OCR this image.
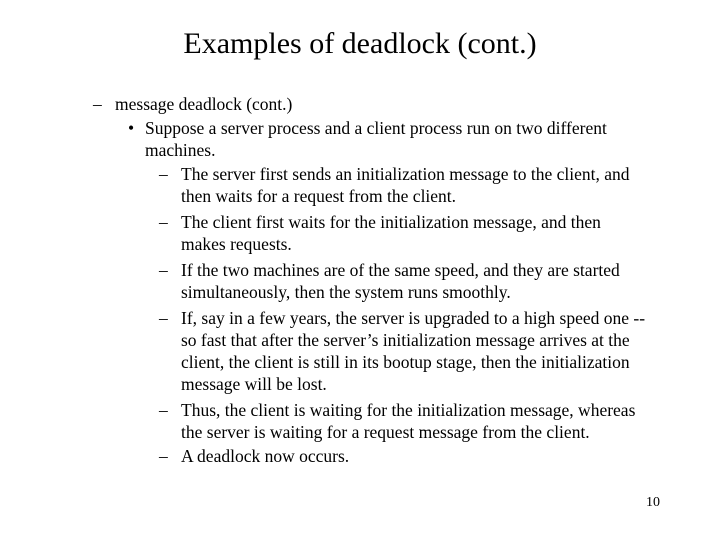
Examples of deadlock (cont.)
– message deadlock (cont.)
• Suppose a server process and a client process run on two different
machines.
– The server first sends an initialization message to the client, and
then waits for a request from the client.
– The client first waits for the initialization message, and then
makes requests.
– If the two machines are of the same speed, and they are started
simultaneously, then the system runs smoothly.
– If, say in a few years, the server is upgraded to a high speed one --
so fast that after the server’s initialization message arrives at the
client, the client is still in its bootup stage, then the initialization
message will be lost.
– Thus, the client is waiting for the initialization message, whereas
the server is waiting for a request message from the client.
– A deadlock now occurs.
10
